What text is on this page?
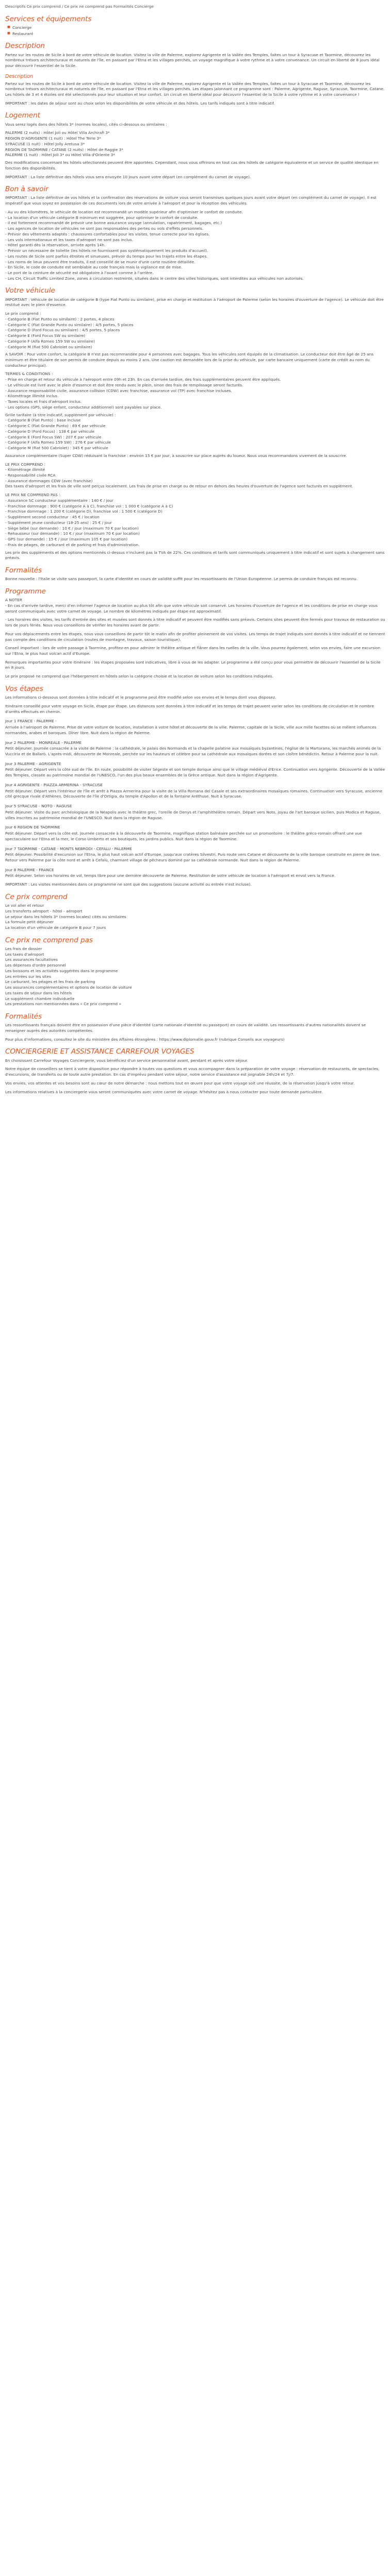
Descriptifs Ce prix comprend / Ce prix ne comprend pas Formalités Concierge
Services et équipements
■ Concierge
■ Restaurant
Description

Partez sur les routes de Sicile à bord de votre véhicule de location. Visitez la ville de Palerme, explorez Agrigente et la Vallée des Temples, faites un tour à Syracuse et Taormine, découvrez les nombreux trésors architecturaux et naturels de l'île, en passant par l'Etna et les villages perchés, un voyage magnifique à votre rythme et à votre convenance. Un circuit en liberté de 8 jours idéal pour découvrir l'essentiel de la Sicile.

Description

Partez sur les routes de Sicile à bord de votre véhicule de location. Visitez la ville de Palerme, explorez Agrigente et la Vallée des Temples, faites un tour à Syracuse et Taormine, découvrez les nombreux trésors architecturaux et naturels de l'île, en passant par l'Etna et les villages perchés. Les étapes jalonnant ce programme sont : Palerme, Agrigente, Raguse, Syracuse, Taormine, Catane. Les hôtels de 3 et 4 étoiles ont été sélectionnés pour leur situation et leur confort. Un circuit en liberté idéal pour découvrir l'essentiel de la Sicile à votre rythme et à votre convenance !

IMPORTANT : les dates de séjour sont au choix selon les disponibilités de votre véhicule et des hôtels. Les tarifs indiqués sont à titre indicatif.

Logement

Vous serez logés dans des hôtels 3* (normes locales), cités ci-dessous ou similaires :

PALERME (2 nuits) : Hôtel Joli ou Hôtel Villa Archirafi 3*
REGION D'AGRIGENTE (1 nuit) : Hôtel The Terre 3*
SYRACUSE (1 nuit) : Hôtel Jolly Aretusa 3*
REGION DE TAORMINE / CATANE (2 nuits) : Hôtel de Raggie 3*
PALERME (1 nuit) : Hôtel Joli 3* ou Hôtel Villa d'Oriente 3*

Des modifications concernant les hôtels sélectionnés peuvent être apportées. Cependant, nous vous offrirons en tout cas des hôtels de catégorie équivalente et un service de qualité identique en fonction des disponibilités.

IMPORTANT : La liste définitive des hôtels vous sera envoyée 10 jours avant votre départ (en complément du carnet de voyage).

Bon à savoir

IMPORTANT : La liste définitive de vos hôtels et la confirmation des réservations de voiture vous seront transmises quelques jours avant votre départ (en complément du carnet de voyage). Il est impératif que vous soyez en possession de ces documents lors de votre arrivée à l'aéroport et pour la réception des véhicules.

- Au vu des kilomètres, le véhicule de location est recommandé un modèle supérieur afin d'optimiser le confort de conduite.
- La location d'un véhicule catégorie B minimum est suggérée, pour optimiser le confort de conduite.
- Il est fortement recommandé de prévoir une bonne assurance voyage (annulation, rapatriement, bagages, etc.)
- Les agences de location de véhicules ne sont pas responsables des pertes ou vols d'effets personnels.
- Prévoir des vêtements adaptés : chaussures confortables pour les visites, tenue correcte pour les églises.
- Les vols internationaux et les taxes d'aéroport ne sont pas inclus.
- Hôtel garanti dès la réservation, arrivée après 14h.
- Prévoir un nécessaire de toilette (les hôtels ne fournissent pas systématiquement les produits d'accueil).
- Les routes de Sicile sont parfois étroites et sinueuses, prévoir du temps pour les trajets entre les étapes.
- Les noms de lieux peuvent être traduits, il est conseillé de se munir d'une carte routière détaillée.
- En Sicile, le code de conduite est semblable au code français mais la vigilance est de mise.
- Le port de la ceinture de sécurité est obligatoire à l'avant comme à l'arrière.
- Les CH, Circuit Traffic Limited Zone, zones à circulation restreinte, situées dans le centre des villes historiques, sont interdites aux véhicules non autorisés.
Votre véhicule

IMPORTANT : Véhicule de location de catégorie B (type Fiat Punto ou similaire), prise en charge et restitution à l'aéroport de Palerme (selon les horaires d'ouverture de l'agence). Le véhicule doit être restitué avec le plein d'essence.

Le prix comprend :
- Catégorie B (Fiat Punto ou similaire) : 2 portes, 4 places
- Catégorie C (Fiat Grande Punto ou similaire) : 4/5 portes, 5 places
- Catégorie D (Ford Focus ou similaire) : 4/5 portes, 5 places
- Catégorie E (Ford Focus SW ou similaire)
- Catégorie F (Alfa Romeo 159 SW ou similaire)
- Catégorie M (Fiat 500 Cabriolet ou similaire)

A SAVOIR : Pour votre confort, la catégorie B n'est pas recommandée pour 4 personnes avec bagages. Tous les véhicules sont équipés de la climatisation. Le conducteur doit être âgé de 25 ans minimum et être titulaire de son permis de conduire depuis au moins 2 ans. Une caution est demandée lors de la prise du véhicule, par carte bancaire uniquement (carte de crédit au nom du conducteur principal).

TERMES & CONDITIONS :
- Prise en charge et retour du véhicule à l'aéroport entre 09h et 23h. En cas d'arrivée tardive, des frais supplémentaires peuvent être appliqués.
- Le véhicule est livré avec le plein d'essence et doit être rendu avec le plein, sinon des frais de remplissage seront facturés.
- Assurance responsabilité civile, assurance collision (CDW) avec franchise, assurance vol (TP) avec franchise incluses.
- Kilométrage illimité inclus.
- Taxes locales et frais d'aéroport inclus.
- Les options (GPS, siège enfant, conducteur additionnel) sont payables sur place.
Grille tarifaire (à titre indicatif, supplément par véhicule) :
- Catégorie B (Fiat Punto) : base incluse
- Catégorie C (Fiat Grande Punto) : 69 € par véhicule
- Catégorie D (Ford Focus) : 138 € par véhicule
- Catégorie E (Ford Focus SW) : 207 € par véhicule
- Catégorie F (Alfa Romeo 159 SW) : 276 € par véhicule
- Catégorie M (Fiat 500 Cabriolet) : 345 € par véhicule

Assurance complémentaire (Super CDW) réduisant la franchise : environ 15 € par jour, à souscrire sur place auprès du loueur. Nous vous recommandons vivement de la souscrire.

LE PRIX COMPREND :
- Kilométrage illimité
- Responsabilité civile RCA
- Assurance dommages CDW (avec franchise)

Des taxes d'aéroport et les frais de ville sont perçus localement. Les frais de prise en charge ou de retour en dehors des heures d'ouverture de l'agence sont facturés en supplément.

LE PRIX NE COMPREND PAS :
- Assurance SC conducteur supplémentaire : 140 € / jour
- Franchise dommage : 900 € (catégorie A à C), franchise vol : 1 000 € (catégorie A à C)
- Franchise dommage : 1 200 € (catégorie D), franchise vol : 1 500 € (catégorie D)
- Supplément second conducteur : 45 € / location
- Supplément jeune conducteur (18-25 ans) : 25 € / jour
- Siège bébé (sur demande) : 10 € / jour (maximum 70 € par location)
- Rehausseur (sur demande) : 10 € / jour (maximum 70 € par location)
- GPS (sur demande) : 15 € / jour (maximum 105 € par location)
- Frais de péages, de carburant et de parking et frais d'administration.

Les prix des suppléments et des options mentionnés ci-dessus n'incluent pas la TVA de 22%. Ces conditions et tarifs sont communiqués uniquement à titre indicatif et sont sujets à changement sans préavis.

Formalités

Bonne nouvelle : l'Italie se visite sans passeport, la carte d'identité en cours de validité suffit pour les ressortissants de l'Union Européenne. Le permis de conduire français est reconnu.

Programme
A NOTER

- En cas d'arrivée tardive, merci d'en informer l'agence de location au plus tôt afin que votre véhicule soit conservé. Les horaires d'ouverture de l'agence et les conditions de prise en charge vous seront communiqués avec votre carnet de voyage. Le nombre de kilomètres indiqués par étape est approximatif.

- Les horaires des visites, les tarifs d'entrée des sites et musées sont donnés à titre indicatif et peuvent être modifiés sans préavis. Certains sites peuvent être fermés pour travaux de restauration ou lors de jours fériés. Nous vous conseillons de vérifier les horaires avant de partir.

Pour vos déplacements entre les étapes, nous vous conseillons de partir tôt le matin afin de profiter pleinement de vos visites. Les temps de trajet indiqués sont donnés à titre indicatif et ne tiennent pas compte des conditions de circulation (routes de montagne, travaux, saison touristique).

Conseil important : lors de votre passage à Taormine, profitez-en pour admirer le théâtre antique et flâner dans les ruelles de la ville. Vous pourrez également, selon vos envies, faire une excursion sur l'Etna, le plus haut volcan actif d'Europe.

Remarques importantes pour votre itinéraire : les étapes proposées sont indicatives, libre à vous de les adapter. Le programme a été conçu pour vous permettre de découvrir l'essentiel de la Sicile en 8 jours.

Le prix proposé ne comprend que l'hébergement en hôtels selon la catégorie choisie et la location de voiture selon les conditions indiquées.

Vos étapes

Les informations ci-dessous sont données à titre indicatif et le programme peut être modifié selon vos envies et le temps dont vous disposez.

Itinéraire conseillé pour votre voyage en Sicile, étape par étape. Les distances sont données à titre indicatif et les temps de trajet peuvent varier selon les conditions de circulation et le nombre d'arrêts effectués en chemin.

Jour 1 FRANCE - PALERME -

Arrivée à l'aéroport de Palerme. Prise de votre voiture de location, installation à votre hôtel et découverte de la ville. Palerme, capitale de la Sicile, ville aux mille facettes où se mêlent influences normandes, arabes et baroques. Dîner libre. Nuit dans la région de Palerme.

Jour 2 PALERME - MONREALE - PALERME

Petit déjeuner. Journée consacrée à la visite de Palerme : la cathédrale, le palais des Normands et la chapelle palatine aux mosaïques byzantines, l'église de la Martorana, les marchés animés de la Vucciria et de Ballarò. L'après-midi, découverte de Monreale, perchée sur les hauteurs et célèbre pour sa cathédrale aux mosaïques dorées et son cloître bénédictin. Retour à Palerme pour la nuit.

Jour 3 PALERME - AGRIGENTE

Petit déjeuner. Départ vers la côte sud de l'île. En route, possibilité de visiter Ségeste et son temple dorique ainsi que le village médiéval d'Erice. Continuation vers Agrigente. Découverte de la Vallée des Temples, classée au patrimoine mondial de l'UNESCO, l'un des plus beaux ensembles de la Grèce antique. Nuit dans la région d'Agrigente.

Jour 4 AGRIGENTE - PIAZZA ARMERINA - SYRACUSE

Petit déjeuner. Départ vers l'intérieur de l'île et arrêt à Piazza Armerina pour la visite de la Villa Romana del Casale et ses extraordinaires mosaïques romaines. Continuation vers Syracuse, ancienne cité grecque rivale d'Athènes. Découverte de l'île d'Ortigia, du temple d'Apollon et de la fontaine Aréthuse. Nuit à Syracuse.

Jour 5 SYRACUSE - NOTO - RAGUSE

Petit déjeuner. Visite du parc archéologique de la Néapolis avec le théâtre grec, l'oreille de Denys et l'amphithéâtre romain. Départ vers Noto, joyau de l'art baroque sicilien, puis Modica et Raguse, villes inscrites au patrimoine mondial de l'UNESCO. Nuit dans la région de Raguse.

Jour 6 REGION DE TAORMINE

Petit déjeuner. Départ vers la côte est. Journée consacrée à la découverte de Taormine, magnifique station balnéaire perchée sur un promontoire : le théâtre gréco-romain offrant une vue spectaculaire sur l'Etna et la mer, le Corso Umberto et ses boutiques, les jardins publics. Nuit dans la région de Taormine.

Jour 7 TAORMINE - CATANE - MONTS NEBRODI - CEFALU - PALERME

Petit déjeuner. Possibilité d'excursion sur l'Etna, le plus haut volcan actif d'Europe, jusqu'aux cratères Silvestri. Puis route vers Catane et découverte de la ville baroque construite en pierre de lave. Retour vers Palerme par la côte nord et arrêt à Cefalù, charmant village de pêcheurs dominé par sa cathédrale normande. Nuit dans la région de Palerme.

Jour 8 PALERME - FRANCE

Petit déjeuner. Selon vos horaires de vol, temps libre pour une dernière découverte de Palerme. Restitution de votre véhicule de location à l'aéroport et envol vers la France.

IMPORTANT : Les visites mentionnées dans ce programme ne sont que des suggestions (aucune activité ou entrée n'est incluse).

Ce prix comprend
Le vol aller et retour
Les transferts aéroport - hôtel - aéroport
Le séjour dans les hôtels 3* (normes locales) cités ou similaires
La formule petit déjeuner
La location d'un véhicule de catégorie B pour 7 jours
Ce prix ne comprend pas
Les frais de dossier
Les taxes d'aéroport
Les assurances facultatives
Les dépenses d'ordre personnel
Les boissons et les activités suggérées dans le programme
Les entrées sur les sites
Le carburant, les péages et les frais de parking
Les assurances complémentaires et options de location de voiture
Les taxes de séjour dans les hôtels
Le supplément chambre individuelle
Les prestations non mentionnées dans « Ce prix comprend »
Formalités

Les ressortissants français doivent être en possession d'une pièce d'identité (carte nationale d'identité ou passeport) en cours de validité. Les ressortissants d'autres nationalités doivent se renseigner auprès des autorités compétentes.

Pour plus d'informations, consultez le site du ministère des Affaires étrangères : https://www.diplomatie.gouv.fr (rubrique Conseils aux voyageurs)

CONCIERGERIE ET ASSISTANCE CARREFOUR VOYAGES

En choisissant Carrefour Voyages Conciergerie, vous bénéficiez d'un service personnalisé avant, pendant et après votre séjour.

Notre équipe de conseillers se tient à votre disposition pour répondre à toutes vos questions et vous accompagner dans la préparation de votre voyage : réservation de restaurants, de spectacles, d'excursions, de transferts ou de toute autre prestation. En cas d'imprévu pendant votre séjour, notre service d'assistance est joignable 24h/24 et 7j/7.

Vos envies, vos attentes et vos besoins sont au cœur de notre démarche : nous mettons tout en œuvre pour que votre voyage soit une réussite, de la réservation jusqu'à votre retour.

Les informations relatives à la conciergerie vous seront communiquées avec votre carnet de voyage. N'hésitez pas à nous contacter pour toute demande particulière.
